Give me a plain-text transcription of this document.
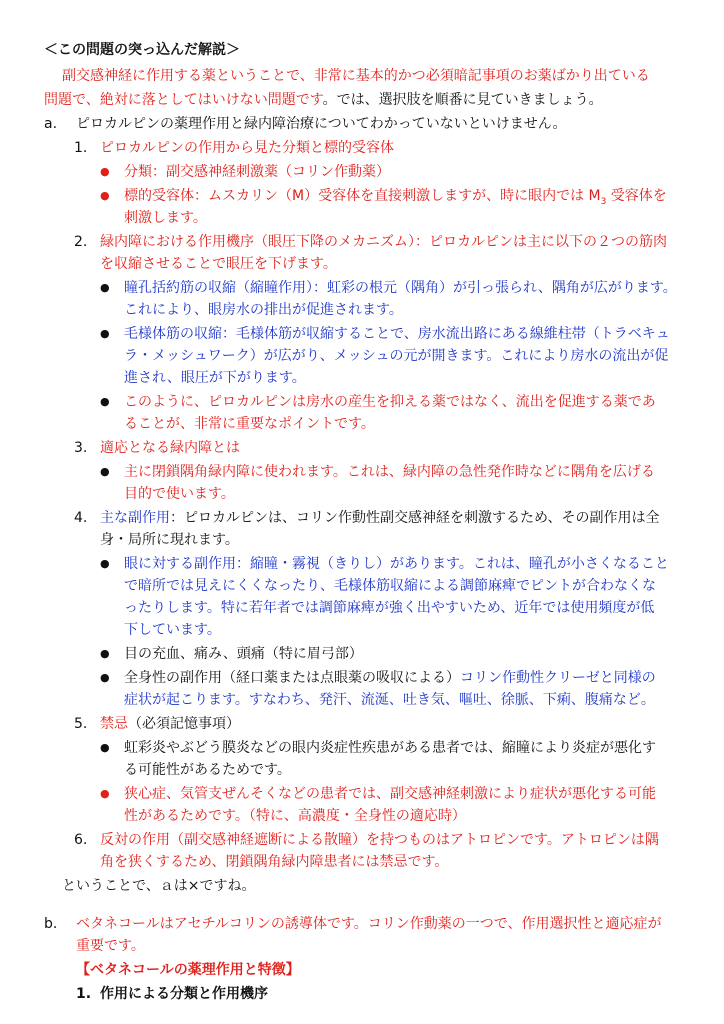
＜この問題の突っ込んだ解説＞
副交感神経に作用する薬ということで、非常に基本的かつ必須暗記事項のお薬ばかり出ている
問題で、絶対に落としてはいけない問題です。では、選択肢を順番に見ていきましょう。
a. ピロカルピンの薬理作用と緑内障治療についてわかっていないといけません。
1. ピロカルピンの作用から見た分類と標的受容体
● 分類：副交感神経刺激薬（コリン作動薬）
● 標的受容体：ムスカリン（M）受容体を直接刺激しますが、時に眼内では $M_3$ 受容体を
刺激します。
2. 緑内障における作用機序（眼圧下降のメカニズム）：ピロカルピンは主に以下の２つの筋肉
を収縮させることで眼圧を下げます。
● 瞳孔括約筋の収縮（縮瞳作用）：虹彩の根元（隅角）が引っ張られ、隅角が広がります。
これにより、眼房水の排出が促進されます。
● 毛様体筋の収縮：毛様体筋が収縮することで、房水流出路にある線維柱帯（トラベキュ
ラ・メッシュワーク）が広がり、メッシュの元が開きます。これにより房水の流出が促
進され、眼圧が下がります。
● このように、ピロカルピンは房水の産生を抑える薬ではなく、流出を促進する薬であ
ることが、非常に重要なポイントです。
3. 適応となる緑内障とは
● 主に閉鎖隅角緑内障に使われます。これは、緑内障の急性発作時などに隅角を広げる
目的で使います。
4. 主な副作用：ピロカルピンは、コリン作動性副交感神経を刺激するため、その副作用は全
身・局所に現れます。
● 眼に対する副作用：縮瞳・霧視（きりし）があります。これは、瞳孔が小さくなること
で暗所では見えにくくなったり、毛様体筋収縮による調節麻痺でピントが合わなくな
ったりします。特に若年者では調節麻痺が強く出やすいため、近年では使用頻度が低
下しています。
● 目の充血、痛み、頭痛（特に眉弓部）
● 全身性の副作用（経口薬または点眼薬の吸収による）コリン作動性クリーゼと同様の
症状が起こります。すなわち、発汗、流涎、吐き気、嘔吐、徐脈、下痢、腹痛など。
5. 禁忌（必須記憶事項）
● 虹彩炎やぶどう膜炎などの眼内炎症性疾患がある患者では、縮瞳により炎症が悪化す
る可能性があるためです。
● 狭心症、気管支ぜんそくなどの患者では、副交感神経刺激により症状が悪化する可能
性があるためです。（特に、高濃度・全身性の適応時）
6. 反対の作用（副交感神経遮断による散瞳）を持つものはアトロピンです。アトロピンは隅
角を狭くするため、閉鎖隅角緑内障患者には禁忌です。
ということで、ａは×ですね。
b. ベタネコールはアセチルコリンの誘導体です。コリン作動薬の一つで、作用選択性と適応症が
重要です。
【ベタネコールの薬理作用と特徴】
1. 作用による分類と作用機序
